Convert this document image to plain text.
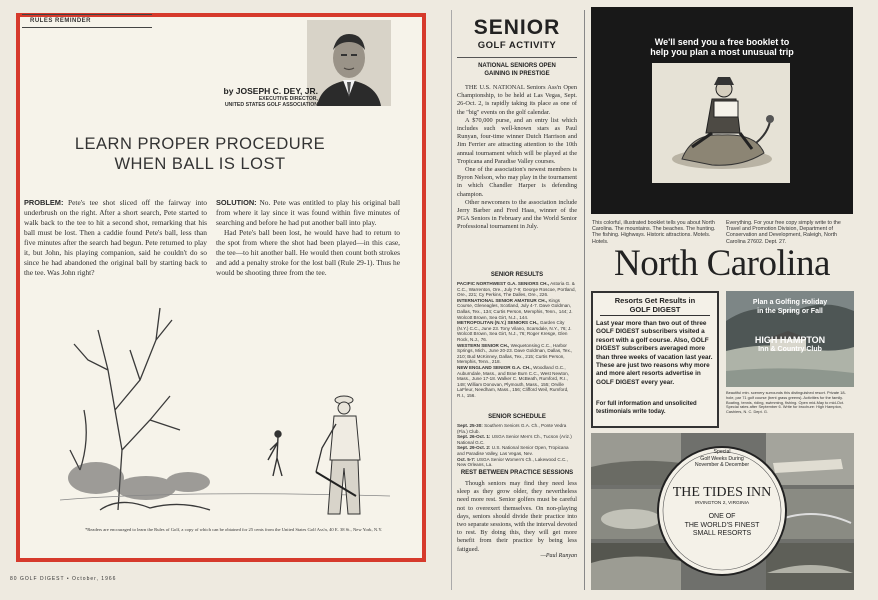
RULES REMINDER
by JOSEPH C. DEY, JR.
EXECUTIVE DIRECTOR,
UNITED STATES GOLF ASSOCIATION
LEARN PROPER PROCEDURE
WHEN BALL IS LOST
PROBLEM: Pete's tee shot sliced off the fairway into underbrush on the right. After a short search, Pete started to walk back to the tee to hit a second shot, remarking that his ball must be lost. Then a caddie found Pete's ball, less than five minutes after the search had begun. Pete returned to play it, but John, his playing companion, said he couldn't do so since he had abandoned the original ball by starting back to the tee. Was John right?
SOLUTION: No. Pete was entitled to play his original ball from where it lay since it was found within five minutes of searching and before he had put another ball into play.
Had Pete's ball been lost, he would have had to return to the spot from where the shot had been played—in this case, the tee—to hit another ball. He would then count both strokes and add a penalty stroke for the lost ball (Rule 29-1). Thus he would be shooting three from the tee.
*Readers are encouraged to learn the Rules of Golf, a copy of which can be obtained for 25 cents from the United States Golf Ass'n, 40 E. 38 St., New York, N.Y.
80 GOLF DIGEST • October, 1966
SENIOR
GOLF ACTIVITY
NATIONAL SENIORS OPEN
GAINING IN PRESTIGE

THE U.S. NATIONAL Seniors Ass'n Open Championship, to be held at Las Vegas, Sept. 26-Oct. 2, is rapidly taking its place as one of the "big" events on the golf calendar.

A $70,000 purse, and an entry list which includes such well-known stars as Paul Runyan, four-time winner Dutch Harrison and Jim Ferrier are attracting attention to the 10th annual tournament which will be played at the Tropicana and Paradise Valley courses.

One of the association's newest members is Byron Nelson, who may play in the tournament in which Chandler Harper is defending champion.

Other newcomers to the association include Jerry Barber and Fred Haas, winner of the PGA Seniors in February and the World Senior Professional tournament in July.

SENIOR RESULTS
PACIFIC NORTHWEST G.A. SENIORS CH., Astoria G. & C.C., Warrenton, Ore., July 7-9; George Roscoe, Portland, Ore., 221; Cy Perkins, The Dalles, Ore., 226.
INTERNATIONAL SENIOR AMATEUR CH., Kings Course, Gleneagles, Scotland, July 4-7. Dave Goldman, Dallas, Tex., 134; Curtis Person, Memphis, Tenn., 144; J. Wolcott Brown, Sea Girt, N.J., 144.
METROPOLITAN (N.Y.) SENIORS CH., Garden City (N.Y.) C.C., June 23. Tony Vilano, Scarsdale, N.Y., 76; J. Wolcott Brown, Sea Girt, N.J., 76; Roger Kresge, Glen Rock, N.J., 76.
WESTERN SENIOR CH., Wequetonsing C.C., Harbor Springs, Mich., June 20-23. Dave Goldman, Dallas, Tex., 210; Bud McKinney, Dallas, Tex., 215; Curtis Person, Memphis, Tenn., 218.
NEW ENGLAND SENIOR G.A. CH., Woodland G.C., Auburndale, Mass., and Brae Burn C.C., West Newton, Mass., June 17-18. Walker C. McBeath, Rumford, R.I., 148; William Donovan, Plymouth, Mass., 155; Orville LaFleur, Needham, Mass., 156; Clifford Weil, Rumford, R.I., 156.
SENIOR SCHEDULE
Sept. 25-30: Southern Seniors G.A. Ch., Ponte Vedra (Fla.) Club.
Sept. 26-Oct. 1: USGA Senior Men's Ch., Tucson (Ariz.) National G.C.
Sept. 29-Oct. 2: U.S. National Senior Open, Tropicana and Paradise Valley, Las Vegas, Nev.
Oct. 5-7: USGA Senior Women's Ch., Lakewood C.C., New Orleans, La.
REST BETWEEN PRACTICE SESSIONS

Though seniors may find they need less sleep as they grow older, they nevertheless need more rest. Senior golfers must be careful not to overexert themselves. On non-playing days, seniors should divide their practice into two separate sessions, with the interval devoted to rest. By doing this, they will get more benefit from their practice by being less fatigued.

—Paul Runyan
We'll send you a free booklet to
help you plan a most unusual trip
This colorful, illustrated booklet tells you about North Carolina. The mountains. The beaches. The hunting. The fishing. Highways. Historic attractions. Motels. Hotels.
Everything. For your free copy simply write to the Travel and Promotion Division, Department of Conservation and Development, Raleigh, North Carolina 27602. Dept. 27.
North Carolina
Resorts Get Results in
GOLF DIGEST
Last year more than two out of three GOLF DIGEST subscribers visited a resort with a golf course. Also, GOLF DIGEST subscribers averaged more than three weeks of vacation last year. These are just two reasons why more and more alert resorts advertise in GOLF DIGEST every year.
For full information and unsolicited testimonials write today.
Plan a Golfing Holiday
in the Spring or Fall
HIGH HAMPTON
Inn & Country Club
Beautiful mtn. scenery surrounds this distinguished resort. Private 18-hole, par 71 golf course (bent grass greens). Activities for the family. Boating, tennis, riding, swimming, fishing. Open mid-May to mid-Oct. Special rates after September 6. Write for brochure: High Hampton, Cashiers, N. C. Dept. G.
Special
Golf Weeks During
November & December
THE TIDES INN
IRVINGTON 2, VIRGINIA
ONE OF
THE WORLD'S FINEST
SMALL RESORTS
